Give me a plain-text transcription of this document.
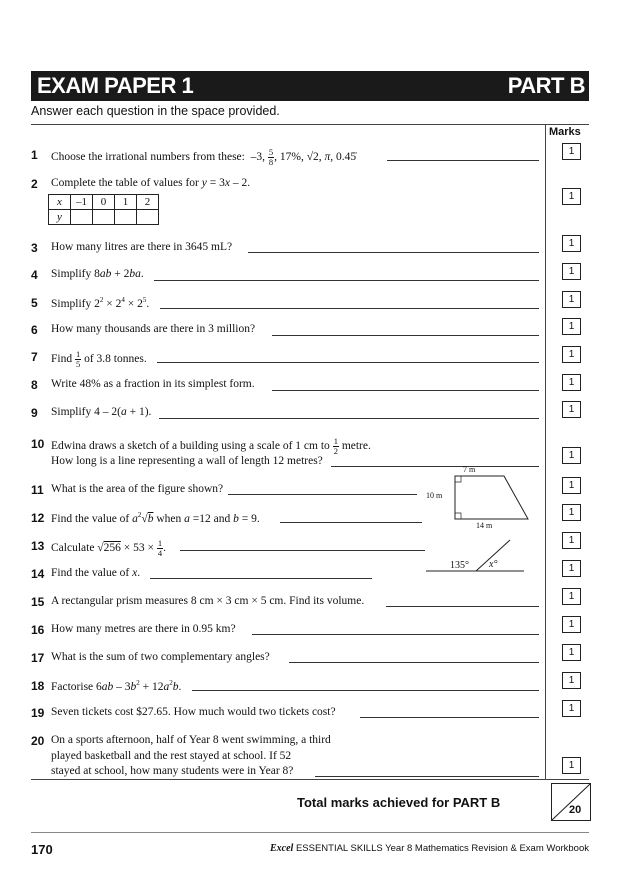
EXAM PAPER 1	PART B
Answer each question in the space provided.
Marks
1 Choose the irrational numbers from these:  –3, $\frac{5}{8}$ , 17%, √2, π, 0.45̇	1
2 Complete the table of values for y = 3x – 2.
x	–1	0	1	2
y				
1
3 How many litres are there in 3645 mL?	1
4 Simplify 8ab + 2ba.	1
5 Simplify $2^2 \times 2^4 \times 2^5$.	1
6 How many thousands are there in 3 million?	1
7 Find $\frac{1}{5}$ of 3.8 tonnes.	1
8 Write 48% as a fraction in its simplest form.	1
9 Simplify 4 – 2(a + 1).	1
10 Edwina draws a sketch of a building using a scale of 1 cm to $\frac{1}{2}$ metre.
How long is a line representing a wall of length 12 metres?	1
11 What is the area of the figure shown?	1
7 m
10 m
14 m
12 Find the value of $a^2√b$ when a =12 and b = 9.
1
13 Calculate $√256 \times 53 \times \frac{1}{4}$ .
1
14 Find the value of x.	1
135° x°
15 A rectangular prism measures 8 cm × 3 cm × 5 cm. Find its volume.	1
16 How many metres are there in 0.95 km?	1
17 What is the sum of two complementary angles?	1
18 Factorise $6ab - 3b^2 + 12a^2b$.
1
19 Seven tickets cost $27.65. How much would two tickets cost?	1
20 On a sports afternoon, half of Year 8 went swimming, a third
played basketball and the rest stayed at school. If 52
stayed at school, how many students were in Year 8?	1
Total marks achieved for PART B	20
170	Excel ESSENTIAL SKILLS Year 8 Mathematics Revision & Exam Workbook
